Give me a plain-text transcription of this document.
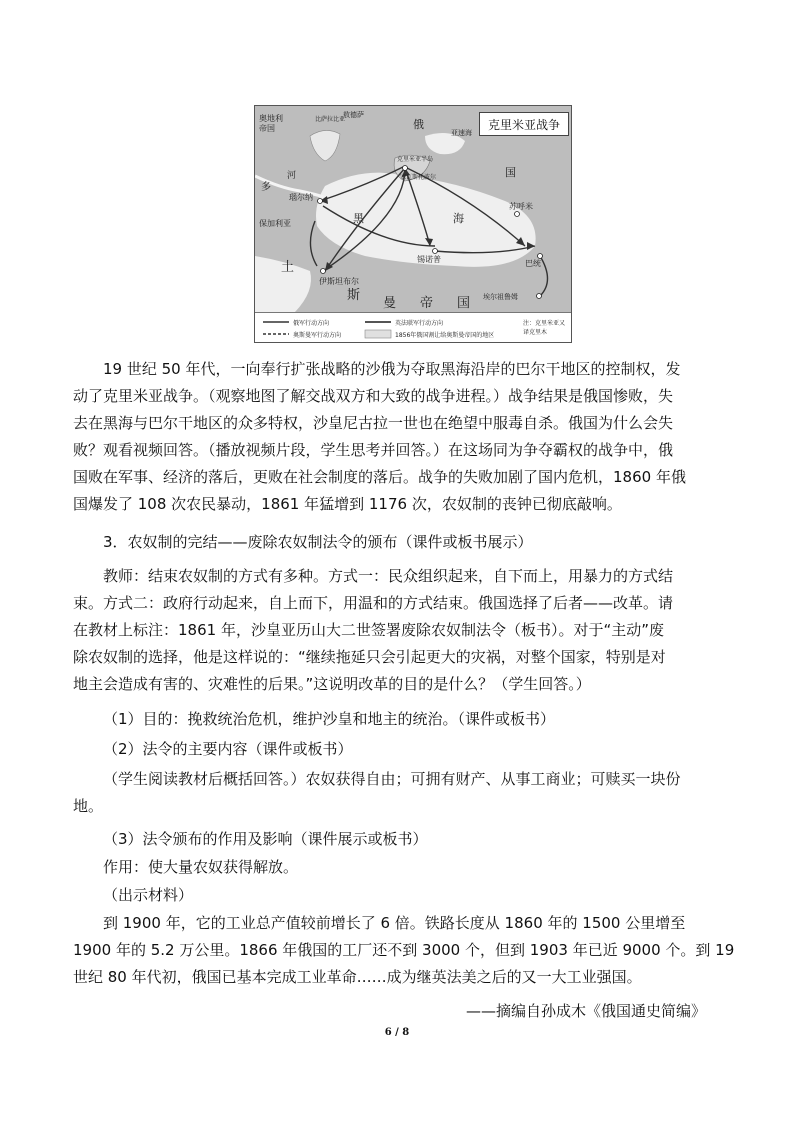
克里米亚战争
奥地利
帝国
多
河
瑙尔纳
保加利亚
土
伊斯坦布尔
斯
曼 帝 国
黑	海
锡诺普
苏呼米
巴统
埃尔祖鲁姆
俄
国
亚速海
克里米亚半岛
塞瓦斯托波尔
比萨拉比亚
敖德萨
俄军行动方向
奥斯曼军行动方向
英法联军行动方向
1856年俄国割让给奥斯曼帝国的地区
注：克里米亚又
译克里木
19 世纪 50 年代，一向奉行扩张战略的沙俄为夺取黑海沿岸的巴尔干地区的控制权，发
动了克里米亚战争。（观察地图了解交战双方和大致的战争进程。）战争结果是俄国惨败，失
去在黑海与巴尔干地区的众多特权，沙皇尼古拉一世也在绝望中服毒自杀。俄国为什么会失
败？观看视频回答。（播放视频片段，学生思考并回答。）在这场同为争夺霸权的战争中，俄
国败在军事、经济的落后，更败在社会制度的落后。战争的失败加剧了国内危机，1860 年俄
国爆发了 108 次农民暴动，1861 年猛增到 1176 次，农奴制的丧钟已彻底敲响。
3．农奴制的完结——废除农奴制法令的颁布（课件或板书展示）
教师：结束农奴制的方式有多种。方式一：民众组织起来，自下而上，用暴力的方式结
束。方式二：政府行动起来，自上而下，用温和的方式结束。俄国选择了后者——改革。请
在教材上标注：1861 年，沙皇亚历山大二世签署废除农奴制法令（板书）。对于“主动”废
除农奴制的选择，他是这样说的：“继续拖延只会引起更大的灾祸，对整个国家，特别是对
地主会造成有害的、灾难性的后果。”这说明改革的目的是什么？（学生回答。）
（1）目的：挽救统治危机，维护沙皇和地主的统治。（课件或板书）
（2）法令的主要内容（课件或板书）
（学生阅读教材后概括回答。）农奴获得自由；可拥有财产、从事工商业；可赎买一块份
地。
（3）法令颁布的作用及影响（课件展示或板书）
作用：使大量农奴获得解放。
（出示材料）
到 1900 年，它的工业总产值较前增长了 6 倍。铁路长度从 1860 年的 1500 公里增至
1900 年的 5.2 万公里。1866 年俄国的工厂还不到 3000 个，但到 1903 年已近 9000 个。到 19
世纪 80 年代初，俄国已基本完成工业革命……成为继英法美之后的又一大工业强国。
——摘编自孙成木《俄国通史简编》
6 / 8
